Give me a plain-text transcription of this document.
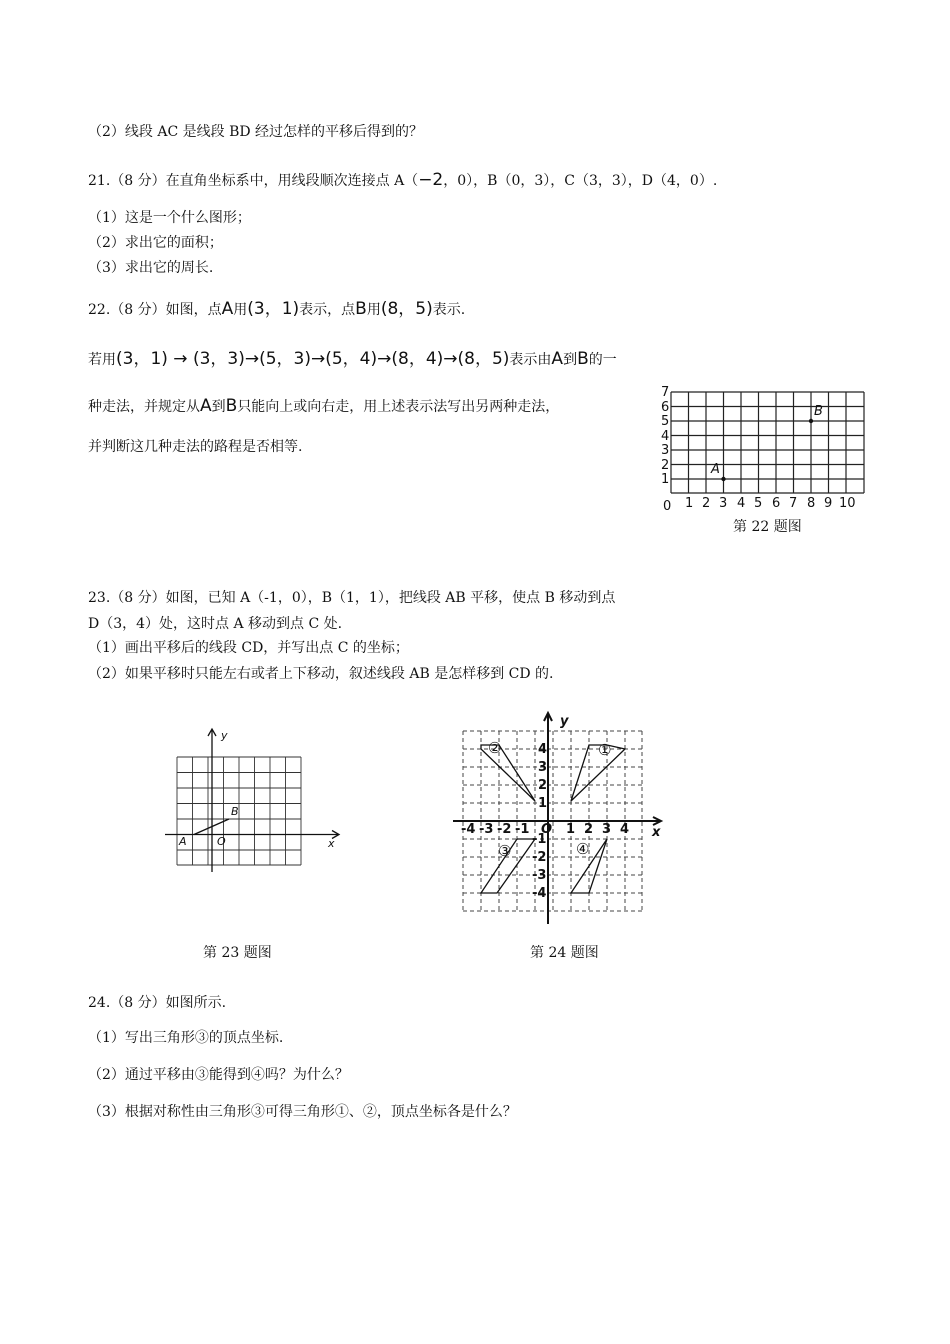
（2）线段 AC 是线段 BD 经过怎样的平移后得到的？
21.（8 分）在直角坐标系中，用线段顺次连接点 A（−2，0），B（0，3），C（3，3），D（4，0）.
（1）这是一个什么图形；
（2）求出它的面积；
（3）求出它的周长.
22.（8 分）如图，点A用(3，1)表示，点B用(8，5)表示.
若用(3，1) → (3，3)→(5，3)→(5，4)→(8，4)→(8，5)表示由A到B的一
种走法，并规定从A到B只能向上或向右走，用上述表示法写出另两种走法，
并判断这几种走法的路程是否相等.
0 1 2 3 4 5 6 7 8 9 10
1
2
3
4
5
6
7
A
B
第 22 题图
23.（8 分）如图，已知 A（-1，0），B（1，1），把线段 AB 平移，使点 B 移动到点
D（3，4）处，这时点 A 移动到点 C 处.
（1）画出平移后的线段 CD，并写出点 C 的坐标；
（2）如果平移时只能左右或者上下移动，叙述线段 AB 是怎样移到 CD 的.
y
x
A
B
O
第 23 题图
-4 -3 -2 -1	1 2 3 4
1
2
3
4
-1
-2
-3
-4
O
y
x
①
②
③	④
第 24 题图
24.（8 分）如图所示.
（1）写出三角形③的顶点坐标.
（2）通过平移由③能得到④吗？为什么？
（3）根据对称性由三角形③可得三角形①、②，顶点坐标各是什么？
